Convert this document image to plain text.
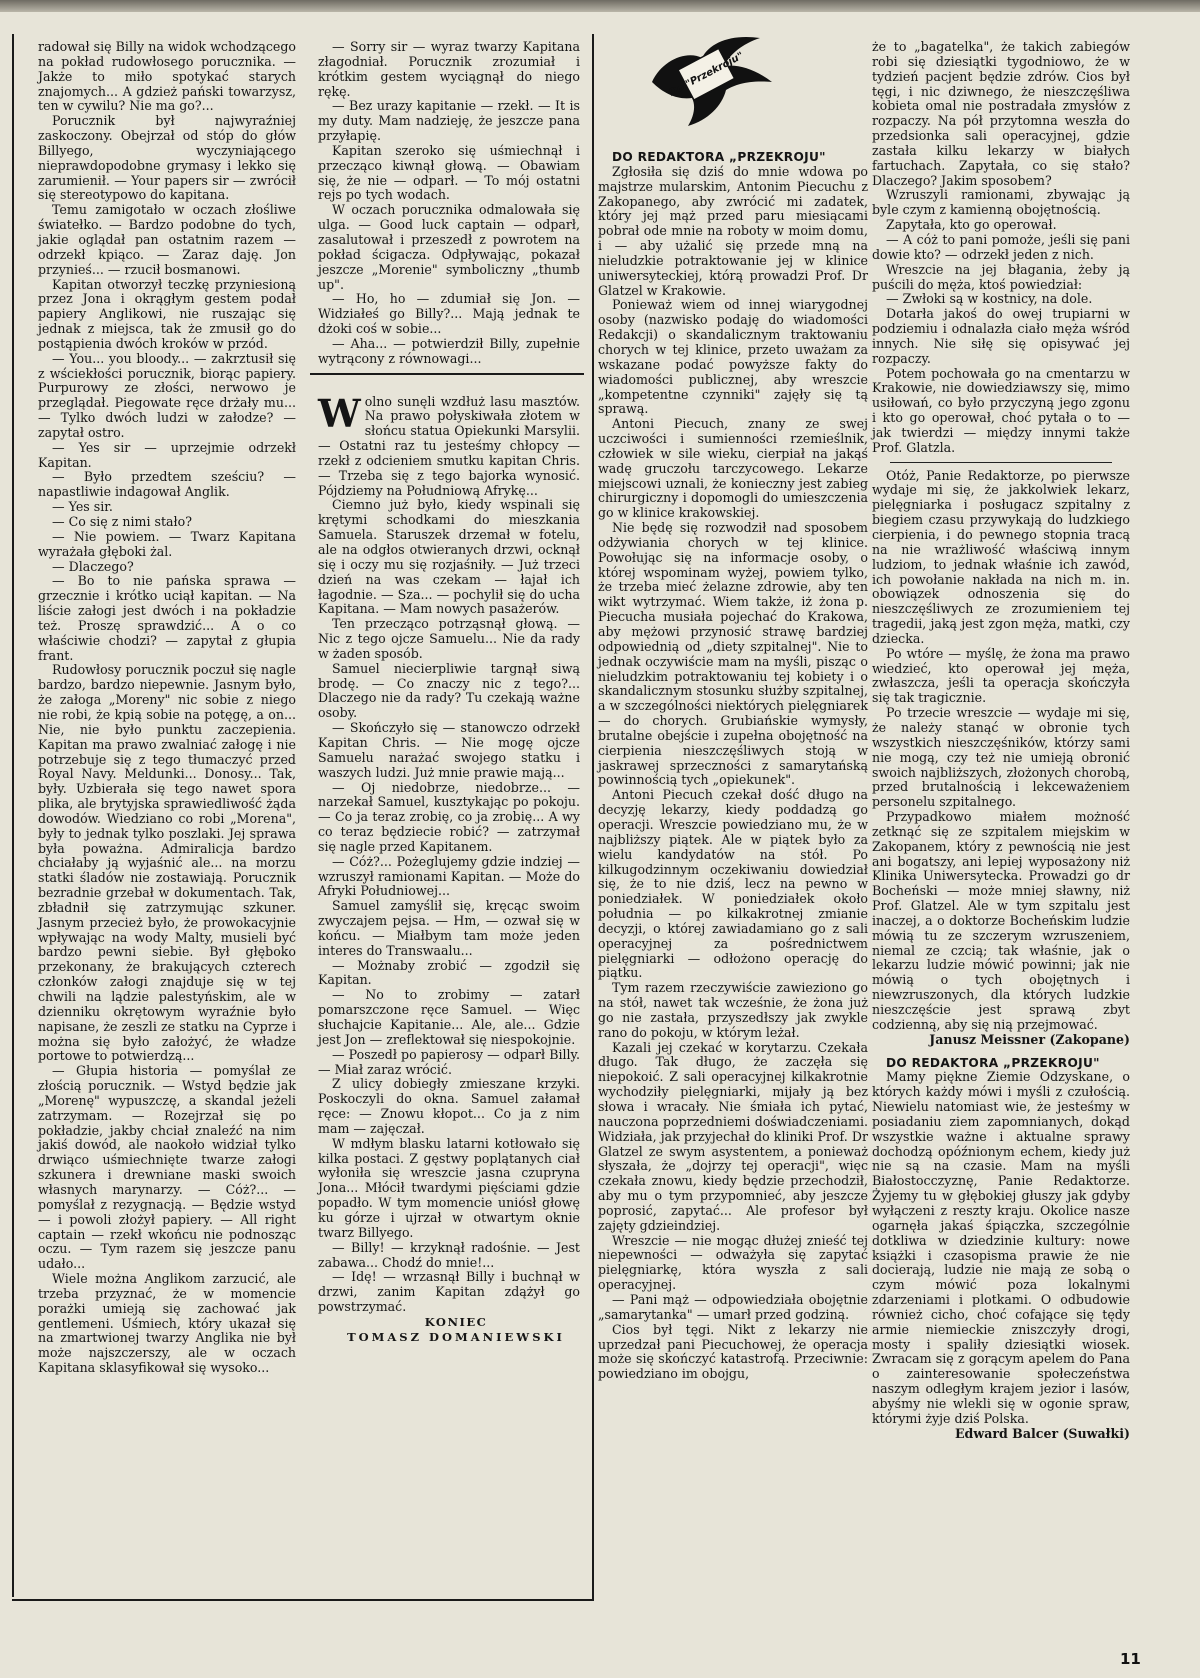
radował się Billy na widok wchodzącego na pokład rudowłosego porucznika. — Jakże to miło spotykać starych znajomych... A gdzież pański towarzysz, ten w cywilu? Nie ma go?...

Porucznik był najwyraźniej zaskoczony. Obejrzał od stóp do głów Billyego, wyczyniającego nieprawdopodobne grymasy i lekko się zarumienił. — Your papers sir — zwrócił się stereotypowo do kapitana.

Temu zamigotało w oczach złośliwe światełko. — Bardzo podobne do tych, jakie oglądał pan ostatnim razem — odrzekł kpiąco. — Zaraz daję. Jon przynieś... — rzucił bosmanowi.

Kapitan otworzył teczkę przyniesioną przez Jona i okrągłym gestem podał papiery Anglikowi, nie ruszając się jednak z miejsca, tak że zmusił go do postąpienia dwóch kroków w przód.

— You... you bloody... — zakrztusił się z wściekłości porucznik, biorąc papiery. Purpurowy ze złości, nerwowo je przeglądał. Piegowate ręce drżały mu... — Tylko dwóch ludzi w załodze? — zapytał ostro.

— Yes sir — uprzejmie odrzekł Kapitan.

— Było przedtem sześciu? — napastliwie indagował Anglik.

— Yes sir.

— Co się z nimi stało?

— Nie powiem. — Twarz Kapitana wyrażała głęboki żal.

— Dlaczego?

— Bo to nie pańska sprawa — grzecznie i krótko uciął kapitan. — Na liście załogi jest dwóch i na pokładzie też. Proszę sprawdzić... A o co właściwie chodzi? — zapytał z głupia frant.

Rudowłosy porucznik poczuł się nagle bardzo, bardzo niepewnie. Jasnym było, że załoga „Moreny" nic sobie z niego nie robi, że kpią sobie na potęgę, a on... Nie, nie było punktu zaczepienia. Kapitan ma prawo zwalniać załogę i nie potrzebuje się z tego tłumaczyć przed Royal Navy. Meldunki... Donosy... Tak, były. Uzbierała się tego nawet spora plika, ale brytyjska sprawiedliwość żąda dowodów. Wiedziano co robi „Morena", były to jednak tylko poszlaki. Jej sprawa była poważna. Admiralicja bardzo chciałaby ją wyjaśnić ale... na morzu statki śladów nie zostawiają. Porucznik bezradnie grzebał w dokumentach. Tak, zbładnił się zatrzymując szkuner. Jasnym przecież było, że prowokacyjnie wpływając na wody Malty, musieli być bardzo pewni siebie. Był głęboko przekonany, że brakujących czterech członków załogi znajduje się w tej chwili na lądzie palestyńskim, ale w dzienniku okrętowym wyraźnie było napisane, że zeszli ze statku na Cyprze i można się było założyć, że władze portowe to potwierdzą...

— Głupia historia — pomyślał ze złością porucznik. — Wstyd będzie jak „Morenę" wypuszczę, a skandal jeżeli zatrzymam. — Rozejrzał się po pokładzie, jakby chciał znaleźć na nim jakiś dowód, ale naokoło widział tylko drwiąco uśmiechnięte twarze załogi szkunera i drewniane maski swoich własnych marynarzy. — Cóż?... — pomyślał z rezygnacją. — Będzie wstyd — i powoli złożył papiery. — All right captain — rzekł wkońcu nie podnosząc oczu. — Tym razem się jeszcze panu udało...

Wiele można Anglikom zarzucić, ale trzeba przyznać, że w momencie porażki umieją się zachować jak gentlemeni. Uśmiech, który ukazał się na zmartwionej twarzy Anglika nie był może najszczerszy, ale w oczach Kapitana sklasyfikował się wysoko...

— Sorry sir — wyraz twarzy Kapitana złagodniał. Porucznik zrozumiał i krótkim gestem wyciągnął do niego rękę.

— Bez urazy kapitanie — rzekł. — It is my duty. Mam nadzieję, że jeszcze pana przyłapię.

Kapitan szeroko się uśmiechnął i przecząco kiwnął głową. — Obawiam się, że nie — odparł. — To mój ostatni rejs po tych wodach.

W oczach porucznika odmalowała się ulga. — Good luck captain — odparł, zasalutował i przeszedł z powrotem na pokład ścigacza. Odpływając, pokazał jeszcze „Morenie" symboliczny „thumb up".

— Ho, ho — zdumiał się Jon. — Widziałeś go Billy?... Mają jednak te dżoki coś w sobie...

— Aha... — potwierdził Billy, zupełnie wytrącony z równowagi...

Wolno sunęli wzdłuż lasu masztów. Na prawo połyskiwała złotem w słońcu statua Opiekunki Marsylii. — Ostatni raz tu jesteśmy chłopcy — rzekł z odcieniem smutku kapitan Chris. — Trzeba się z tego bajorka wynosić. Pójdziemy na Południową Afrykę...

Ciemno już było, kiedy wspinali się krętymi schodkami do mieszkania Samuela. Staruszek drzemał w fotelu, ale na odgłos otwieranych drzwi, ocknął się i oczy mu się rozjaśniły. — Już trzeci dzień na was czekam — łajał ich łagodnie. — Sza... — pochylił się do ucha Kapitana. — Mam nowych pasażerów.

Ten przecząco potrząsnął głową. — Nic z tego ojcze Samuelu... Nie da rady w żaden sposób.

Samuel niecierpliwie targnął siwą brodę. — Co znaczy nic z tego?... Dlaczego nie da rady? Tu czekają ważne osoby.

— Skończyło się — stanowczo odrzekł Kapitan Chris. — Nie mogę ojcze Samuelu narażać swojego statku i waszych ludzi. Już mnie prawie mają...

— Oj niedobrze, niedobrze... — narzekał Samuel, kusztykając po pokoju. — Co ja teraz zrobię, co ja zrobię... A wy co teraz będziecie robić? — zatrzymał się nagle przed Kapitanem.

— Cóż?... Pożeglujemy gdzie indziej — wzruszył ramionami Kapitan. — Może do Afryki Południowej...

Samuel zamyślił się, kręcąc swoim zwyczajem pejsa. — Hm, — ozwał się w końcu. — Miałbym tam może jeden interes do Transwaalu...

— Możnaby zrobić — zgodził się Kapitan.

— No to zrobimy — zatarł pomarszczone ręce Samuel. — Więc słuchajcie Kapitanie... Ale, ale... Gdzie jest Jon — zreflektował się niespokojnie.

— Poszedł po papierosy — odparł Billy. — Miał zaraz wrócić.

Z ulicy dobiegły zmieszane krzyki. Poskoczyli do okna. Samuel załamał ręce: — Znowu kłopot... Co ja z nim mam — zajęczał.

W mdłym blasku latarni kotłowało się kilka postaci. Z gęstwy poplątanych ciał wyłoniła się wreszcie jasna czupryna Jona... Młócił twardymi pięściami gdzie popadło. W tym momencie uniósł głowę ku górze i ujrzał w otwartym oknie twarz Billyego.

— Billy! — krzyknął radośnie. — Jest zabawa... Chodź do mnie!...

— Idę! — wrzasnął Billy i buchnął w drzwi, zanim Kapitan zdążył go powstrzymać.

KONIEC

TOMASZ DOMANIEWSKI

Do "Przekroju"

DO REDAKTORA „PRZEKROJU"

Zgłosiła się dziś do mnie wdowa po majstrze mularskim, Antonim Piecuchu z Zakopanego, aby zwrócić mi zadatek, który jej mąż przed paru miesiącami pobrał ode mnie na roboty w moim domu, i — aby użalić się przede mną na nieludzkie potraktowanie jej w klinice uniwersyteckiej, którą prowadzi Prof. Dr Glatzel w Krakowie.

Ponieważ wiem od innej wiarygodnej osoby (nazwisko podaję do wiadomości Redakcji) o skandalicznym traktowaniu chorych w tej klinice, przeto uważam za wskazane podać powyższe fakty do wiadomości publicznej, aby wreszcie „kompetentne czynniki" zajęły się tą sprawą.

Antoni Piecuch, znany ze swej uczciwości i sumienności rzemieślnik, człowiek w sile wieku, cierpiał na jakąś wadę gruczołu tarczycowego. Lekarze miejscowi uznali, że konieczny jest zabieg chirurgiczny i dopomogli do umieszczenia go w klinice krakowskiej.

Nie będę się rozwodził nad sposobem odżywiania chorych w tej klinice. Powołując się na informacje osoby, o której wspominam wyżej, powiem tylko, że trzeba mieć żelazne zdrowie, aby ten wikt wytrzymać. Wiem także, iż żona p. Piecucha musiała pojechać do Krakowa, aby mężowi przynosić strawę bardziej odpowiednią od „diety szpitalnej". Nie to jednak oczywiście mam na myśli, pisząc o nieludzkim potraktowaniu tej kobiety i o skandalicznym stosunku służby szpitalnej, a w szczególności niektórych pielęgniarek — do chorych. Grubiańskie wymysły, brutalne obejście i zupełna obojętność na cierpienia nieszczęśliwych stoją w jaskrawej sprzeczności z samarytańską powinnością tych „opiekunek".

Antoni Piecuch czekał dość długo na decyzję lekarzy, kiedy poddadzą go operacji. Wreszcie powiedziano mu, że w najbliższy piątek. Ale w piątek było za wielu kandydatów na stół. Po kilkugodzinnym oczekiwaniu dowiedział się, że to nie dziś, lecz na pewno w poniedziałek. W poniedziałek około południa — po kilkakrotnej zmianie decyzji, o której zawiadamiano go z sali operacyjnej za pośrednictwem pielęgniarki — odłożono operację do piątku.

Tym razem rzeczywiście zawieziono go na stół, nawet tak wcześnie, że żona już go nie zastała, przyszedłszy jak zwykle rano do pokoju, w którym leżał.

Kazali jej czekać w korytarzu. Czekała długo. Tak długo, że zaczęła się niepokoić. Z sali operacyjnej kilkakrotnie wychodziły pielęgniarki, mijały ją bez słowa i wracały. Nie śmiała ich pytać, nauczona poprzedniemi doświadczeniami. Widziała, jak przyjechał do kliniki Prof. Dr Glatzel ze swym asystentem, a ponieważ słyszała, że „dojrzy tej operacji", więc czekała znowu, kiedy będzie przechodził, aby mu o tym przypomnieć, aby jeszcze poprosić, zapytać... Ale profesor był zajęty gdzieindziej.

Wreszcie — nie mogąc dłużej znieść tej niepewności — odważyła się zapytać pielęgniarkę, która wyszła z sali operacyjnej.

— Pani mąż — odpowiedziała obojętnie „samarytanka" — umarł przed godziną.

Cios był tęgi. Nikt z lekarzy nie uprzedzał pani Piecuchowej, że operacja może się skończyć katastrofą. Przeciwnie: powiedziano im obojgu,

że to „bagatelka", że takich zabiegów robi się dziesiątki tygodniowo, że w tydzień pacjent będzie zdrów. Cios był tęgi, i nic dziwnego, że nieszczęśliwa kobieta omal nie postradała zmysłów z rozpaczy. Na pół przytomna weszła do przedsionka sali operacyjnej, gdzie zastała kilku lekarzy w białych fartuchach. Zapytała, co się stało? Dlaczego? Jakim sposobem?

Wzruszyli ramionami, zbywając ją byle czym z kamienną obojętnością.

Zapytała, kto go operował.

— A cóż to pani pomoże, jeśli się pani dowie kto? — odrzekł jeden z nich.

Wreszcie na jej błagania, żeby ją puścili do męża, ktoś powiedział:

— Zwłoki są w kostnicy, na dole.

Dotarła jakoś do owej trupiarni w podziemiu i odnalazła ciało męża wśród innych. Nie siłę się opisywać jej rozpaczy.

Potem pochowała go na cmentarzu w Krakowie, nie dowiedziawszy się, mimo usiłowań, co było przyczyną jego zgonu i kto go operował, choć pytała o to — jak twierdzi — między innymi także Prof. Glatzla.

Otóż, Panie Redaktorze, po pierwsze wydaje mi się, że jakkolwiek lekarz, pielęgniarka i posługacz szpitalny z biegiem czasu przywykają do ludzkiego cierpienia, i do pewnego stopnia tracą na nie wrażliwość właściwą innym ludziom, to jednak właśnie ich zawód, ich powołanie nakłada na nich m. in. obowiązek odnoszenia się do nieszczęśliwych ze zrozumieniem tej tragedii, jaką jest zgon męża, matki, czy dziecka.

Po wtóre — myślę, że żona ma prawo wiedzieć, kto operował jej męża, zwłaszcza, jeśli ta operacja skończyła się tak tragicznie.

Po trzecie wreszcie — wydaje mi się, że należy stanąć w obronie tych wszystkich nieszczęśników, którzy sami nie mogą, czy też nie umieją obronić swoich najbliższych, złożonych chorobą, przed brutalnością i lekceważeniem personelu szpitalnego.

Przypadkowo miałem możność zetknąć się ze szpitalem miejskim w Zakopanem, który z pewnością nie jest ani bogatszy, ani lepiej wyposażony niż Klinika Uniwersytecka. Prowadzi go dr Bocheński — może mniej sławny, niż Prof. Glatzel. Ale w tym szpitalu jest inaczej, a o doktorze Bocheńskim ludzie mówią tu ze szczerym wzruszeniem, niemal ze czcią; tak właśnie, jak o lekarzu ludzie mówić powinni; jak nie mówią o tych obojętnych i niewzruszonych, dla których ludzkie nieszczęście jest sprawą zbyt codzienną, aby się nią przejmować.

Janusz Meissner (Zakopane)

DO REDAKTORA „PRZEKROJU"

Mamy piękne Ziemie Odzyskane, o których każdy mówi i myśli z czułością. Niewielu natomiast wie, że jesteśmy w posiadaniu ziem zapomnianych, dokąd wszystkie ważne i aktualne sprawy dochodzą opóźnionym echem, kiedy już nie są na czasie. Mam na myśli Białostocczyznę, Panie Redaktorze. Żyjemy tu w głębokiej głuszy jak gdyby wyłączeni z reszty kraju. Okolice nasze ogarnęła jakaś śpiączka, szczególnie dotkliwa w dziedzinie kultury: nowe książki i czasopisma prawie że nie docierają, ludzie nie mają ze sobą o czym mówić poza lokalnymi zdarzeniami i plotkami. O odbudowie również cicho, choć cofające się tędy armie niemieckie zniszczyły drogi, mosty i spaliły dziesiątki wiosek. Zwracam się z gorącym apelem do Pana o zainteresowanie społeczeństwa naszym odległym krajem jezior i lasów, abyśmy nie wlekli się w ogonie spraw, którymi żyje dziś Polska.

Edward Balcer (Suwałki)

11
